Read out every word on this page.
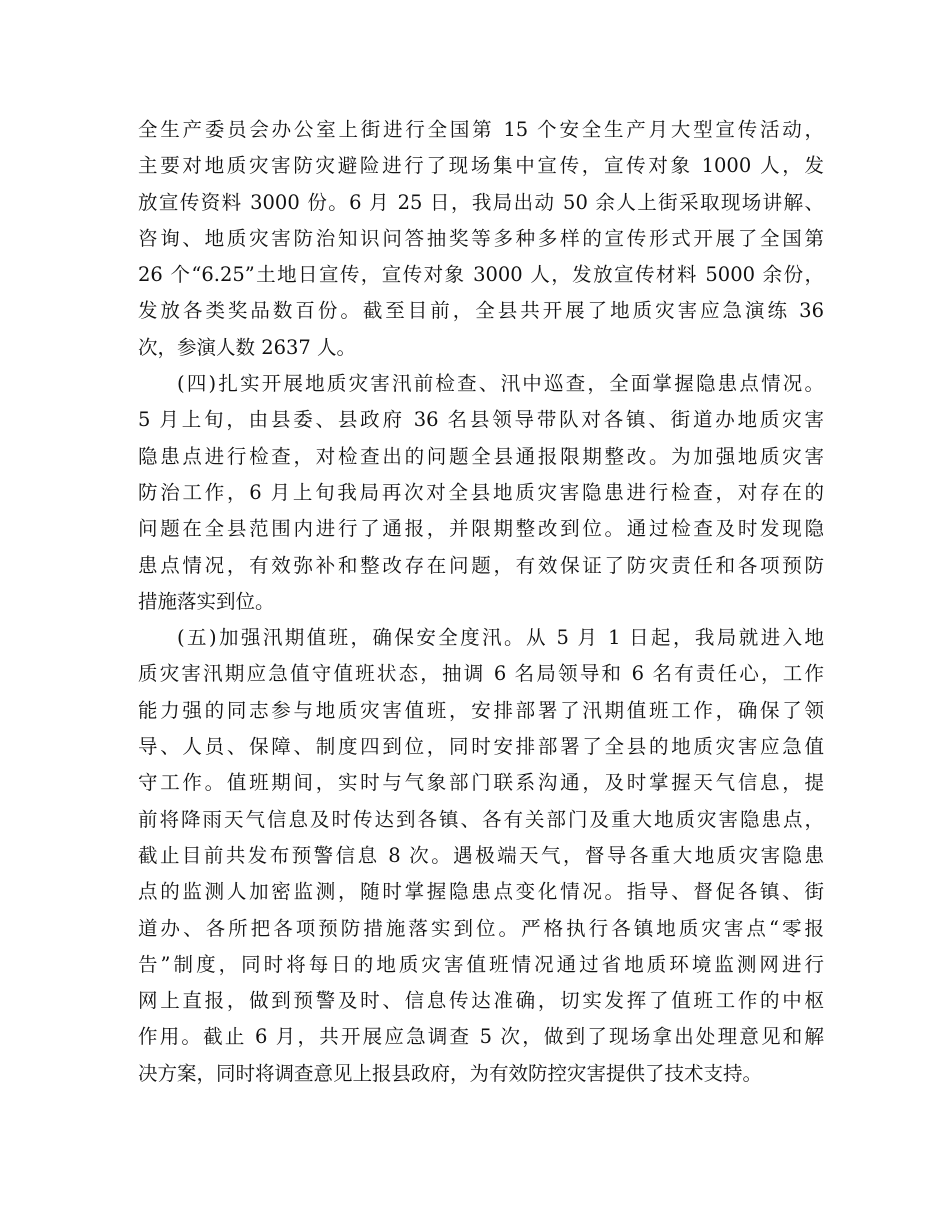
全生产委员会办公室上街进行全国第 15 个安全生产月大型宣传活动，
主要对地质灾害防灾避险进行了现场集中宣传，宣传对象 1000 人，发
放宣传资料 3000 份。6 月 25 日，我局出动 50 余人上街采取现场讲解、
咨询、地质灾害防治知识问答抽奖等多种多样的宣传形式开展了全国第
26 个“6.25”土地日宣传，宣传对象 3000 人，发放宣传材料 5000 余份，
发放各类奖品数百份。截至目前，全县共开展了地质灾害应急演练 36
次，参演人数 2637 人。
(四)扎实开展地质灾害汛前检查、汛中巡查，全面掌握隐患点情况。
5 月上旬，由县委、县政府 36 名县领导带队对各镇、街道办地质灾害
隐患点进行检查，对检查出的问题全县通报限期整改。为加强地质灾害
防治工作，6 月上旬我局再次对全县地质灾害隐患进行检查，对存在的
问题在全县范围内进行了通报，并限期整改到位。通过检查及时发现隐
患点情况，有效弥补和整改存在问题，有效保证了防灾责任和各项预防
措施落实到位。
(五)加强汛期值班，确保安全度汛。从 5 月 1 日起，我局就进入地
质灾害汛期应急值守值班状态，抽调 6 名局领导和 6 名有责任心，工作
能力强的同志参与地质灾害值班，安排部署了汛期值班工作，确保了领
导、人员、保障、制度四到位，同时安排部署了全县的地质灾害应急值
守工作。值班期间，实时与气象部门联系沟通，及时掌握天气信息，提
前将降雨天气信息及时传达到各镇、各有关部门及重大地质灾害隐患点，
截止目前共发布预警信息 8 次。遇极端天气，督导各重大地质灾害隐患
点的监测人加密监测，随时掌握隐患点变化情况。指导、督促各镇、街
道办、各所把各项预防措施落实到位。严格执行各镇地质灾害点“零报
告”制度，同时将每日的地质灾害值班情况通过省地质环境监测网进行
网上直报，做到预警及时、信息传达准确，切实发挥了值班工作的中枢
作用。截止 6 月，共开展应急调查 5 次，做到了现场拿出处理意见和解
决方案，同时将调查意见上报县政府，为有效防控灾害提供了技术支持。
